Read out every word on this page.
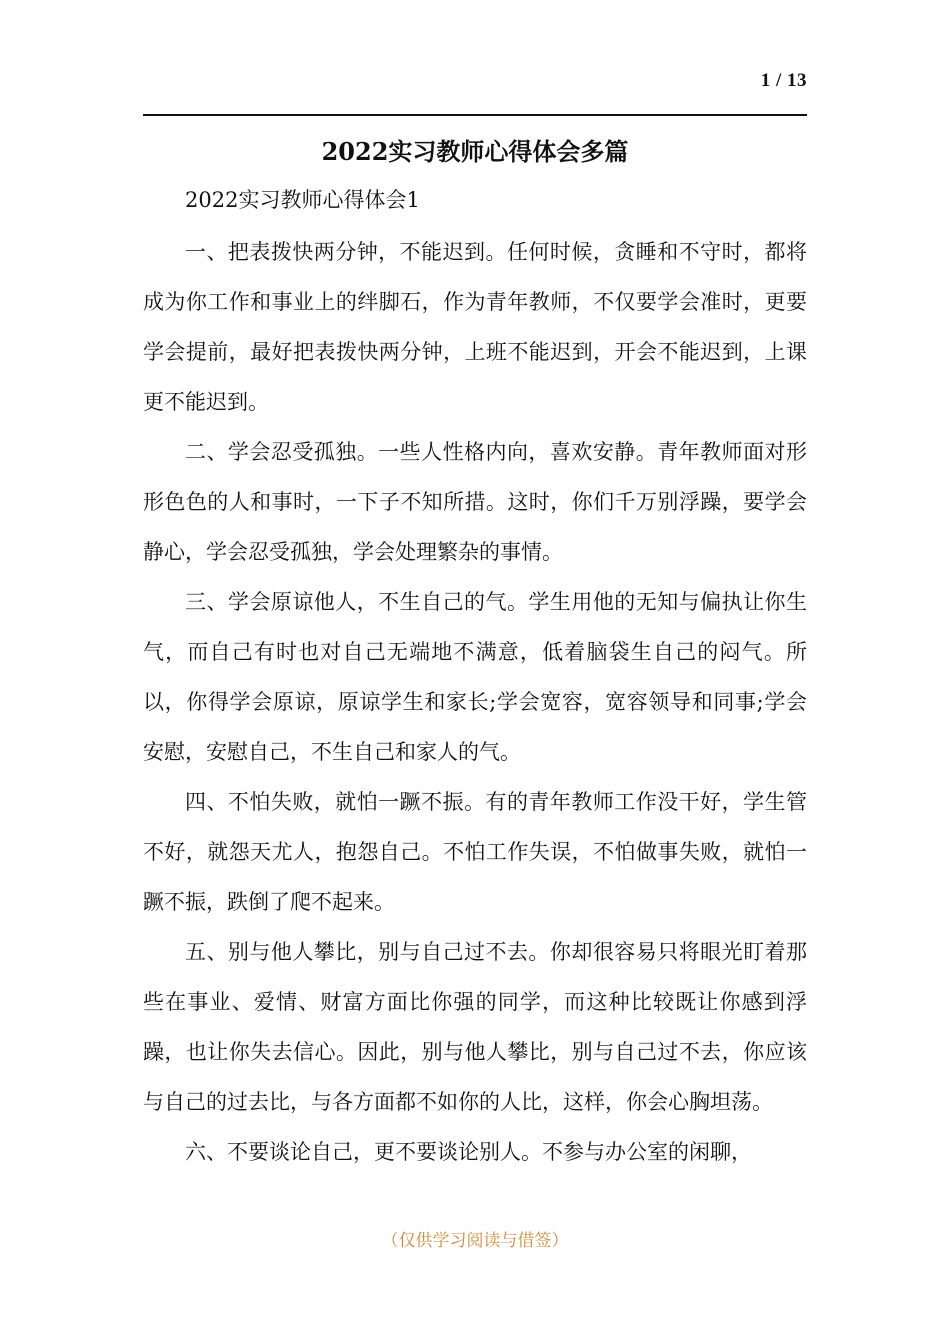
1 / 13
2022实习教师心得体会多篇

2022实习教师心得体会1

一、把表拨快两分钟，不能迟到。任何时候，贪睡和不守时，都将成为你工作和事业上的绊脚石，作为青年教师，不仅要学会准时，更要学会提前，最好把表拨快两分钟，上班不能迟到，开会不能迟到，上课更不能迟到。

二、学会忍受孤独。一些人性格内向，喜欢安静。青年教师面对形形色色的人和事时，一下子不知所措。这时，你们千万别浮躁，要学会静心，学会忍受孤独，学会处理繁杂的事情。

三、学会原谅他人，不生自己的气。学生用他的无知与偏执让你生气，而自己有时也对自己无端地不满意，低着脑袋生自己的闷气。所以，你得学会原谅，原谅学生和家长;学会宽容，宽容领导和同事;学会安慰，安慰自己，不生自己和家人的气。

四、不怕失败，就怕一蹶不振。有的青年教师工作没干好，学生管不好，就怨天尤人，抱怨自己。不怕工作失误，不怕做事失败，就怕一蹶不振，跌倒了爬不起来。

五、别与他人攀比，别与自己过不去。你却很容易只将眼光盯着那些在事业、爱情、财富方面比你强的同学，而这种比较既让你感到浮躁，也让你失去信心。因此，别与他人攀比，别与自己过不去，你应该与自己的过去比，与各方面都不如你的人比，这样，你会心胸坦荡。

六、不要谈论自己，更不要谈论别人。不参与办公室的闲聊，

（仅供学习阅读与借签）
